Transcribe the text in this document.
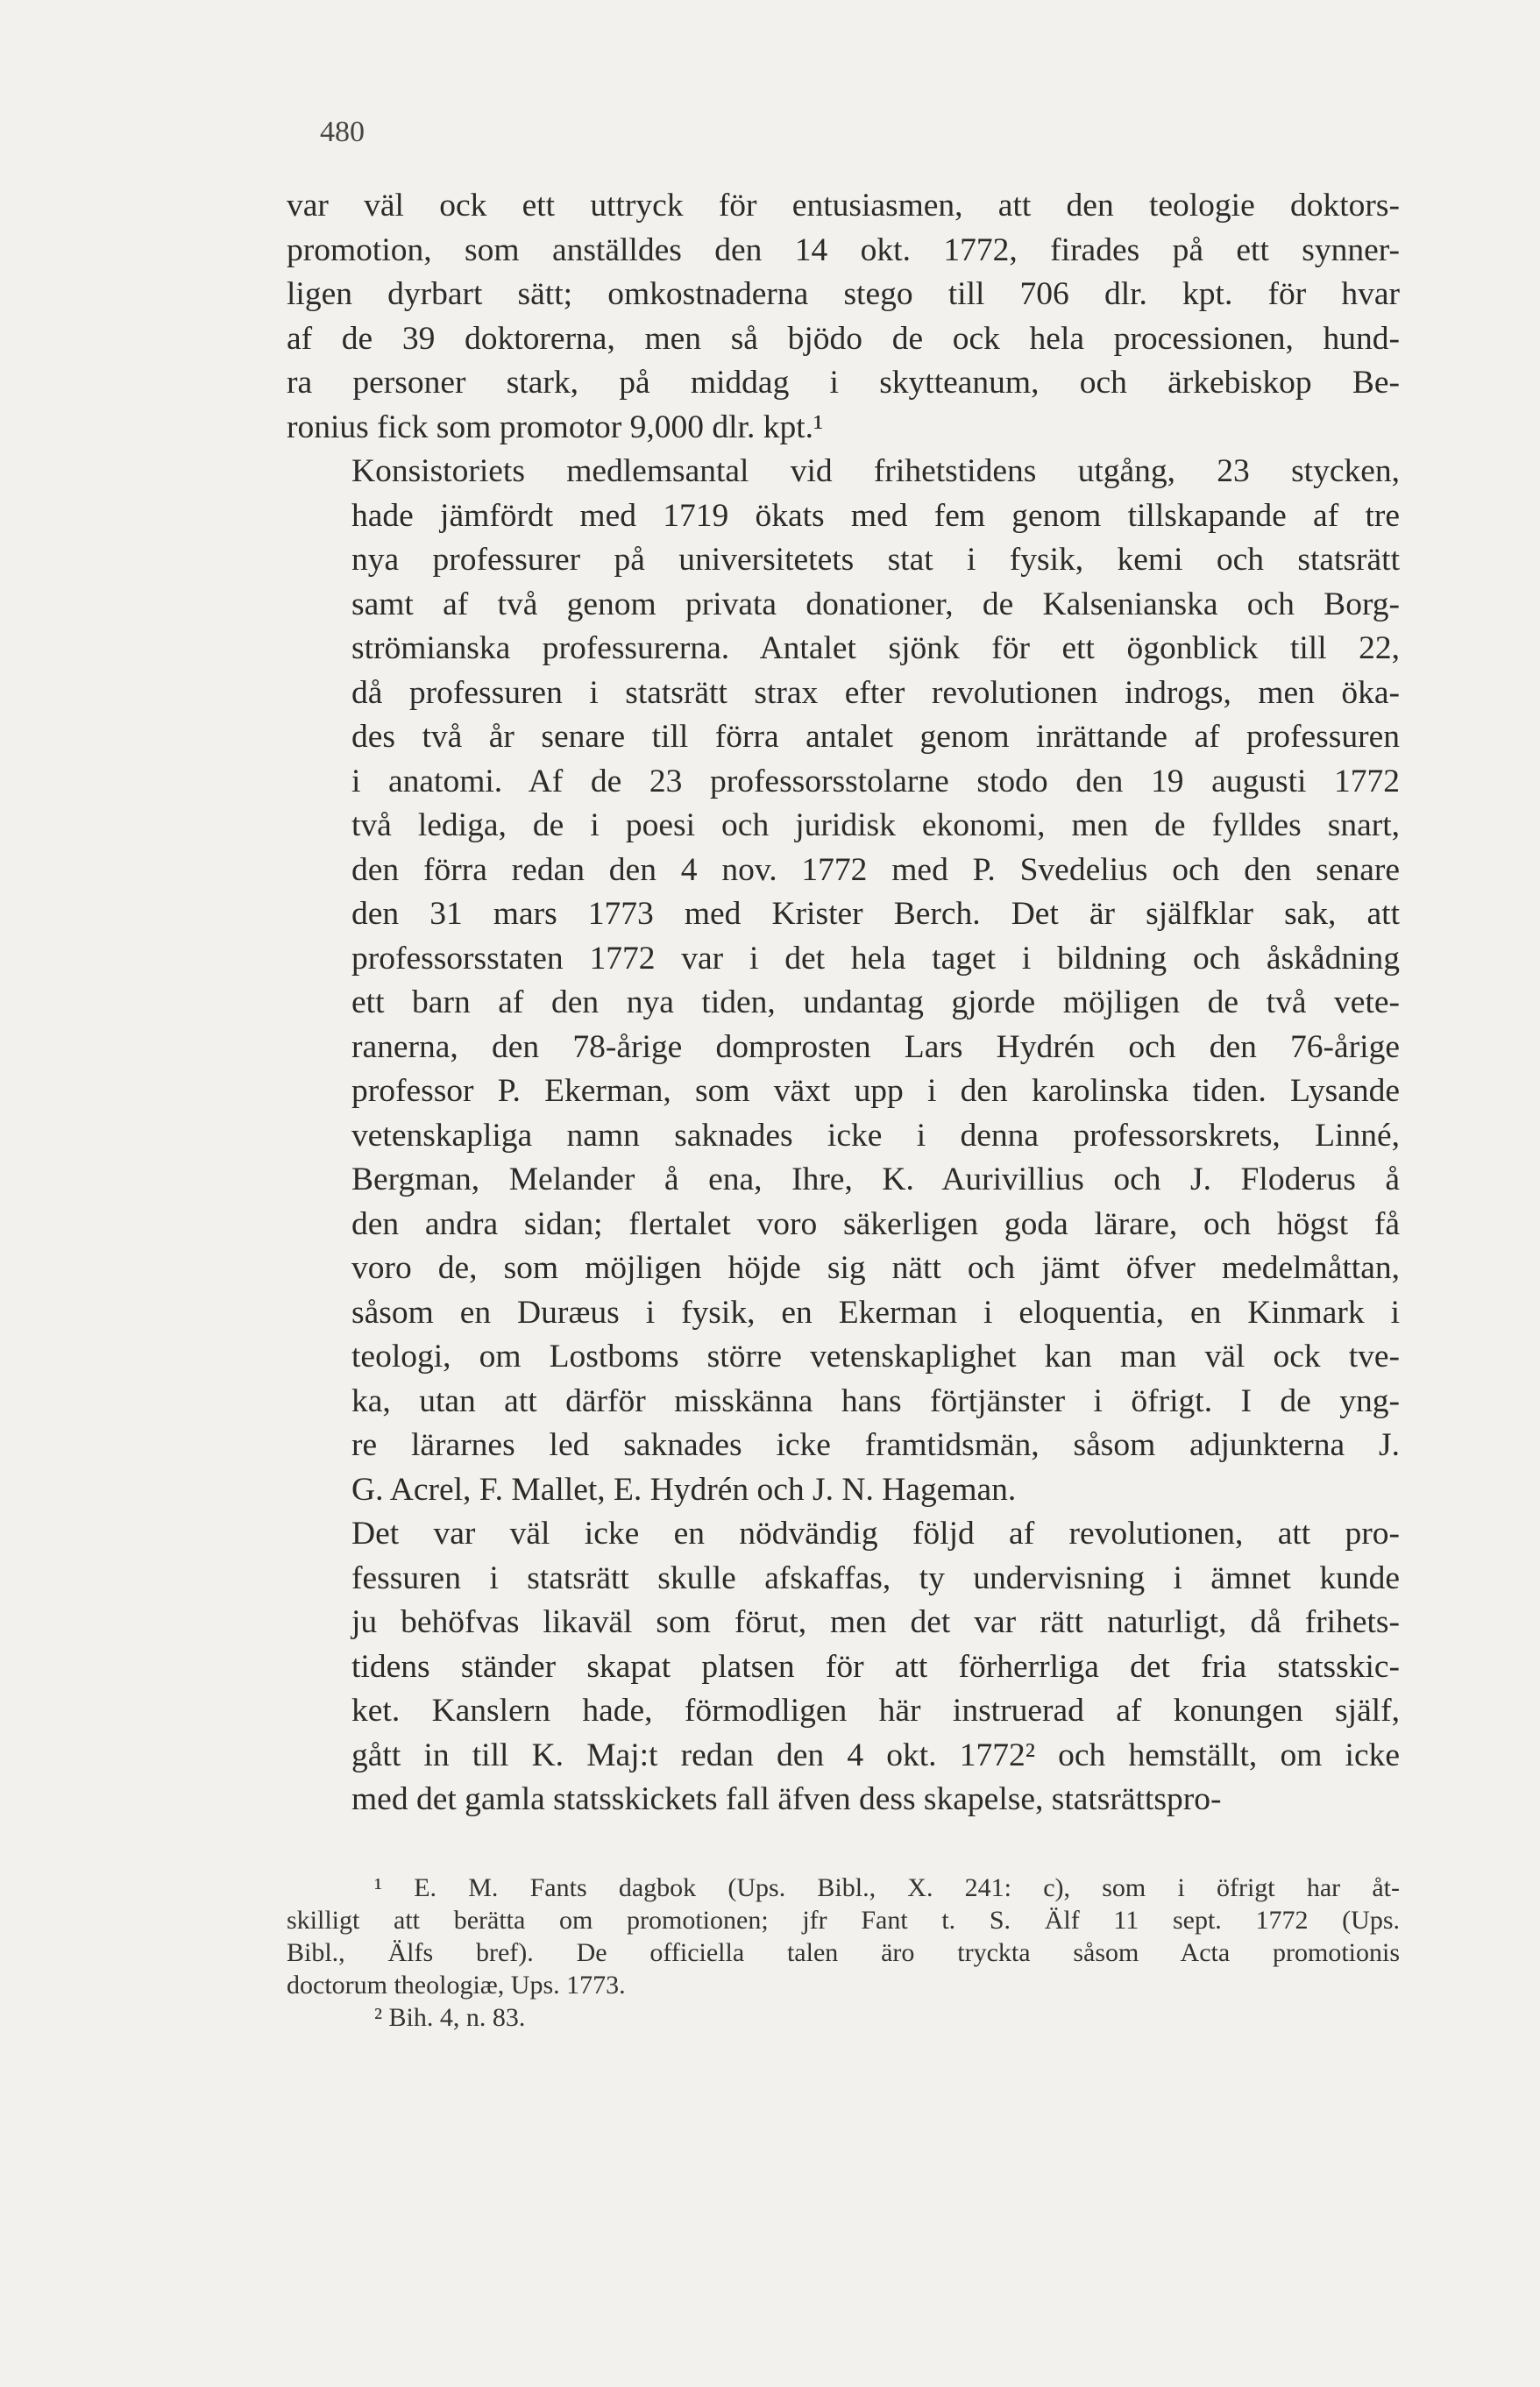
480
var väl ock ett uttryck för entusiasmen, att den teologie doktors-
promotion, som anställdes den 14 okt. 1772, firades på ett synner-
ligen dyrbart sätt; omkostnaderna stego till 706 dlr. kpt. för hvar
af de 39 doktorerna, men så bjödo de ock hela processionen, hund-
ra personer stark, på middag i skytteanum, och ärkebiskop Be-
ronius fick som promotor 9,000 dlr. kpt.¹
Konsistoriets medlemsantal vid frihetstidens utgång, 23 stycken,
hade jämfördt med 1719 ökats med fem genom tillskapande af tre
nya professurer på universitetets stat i fysik, kemi och statsrätt
samt af två genom privata donationer, de Kalsenianska och Borg-
strömianska professurerna. Antalet sjönk för ett ögonblick till 22,
då professuren i statsrätt strax efter revolutionen indrogs, men öka-
des två år senare till förra antalet genom inrättande af professuren
i anatomi. Af de 23 professorsstolarne stodo den 19 augusti 1772
två lediga, de i poesi och juridisk ekonomi, men de fylldes snart,
den förra redan den 4 nov. 1772 med P. Svedelius och den senare
den 31 mars 1773 med Krister Berch. Det är själfklar sak, att
professorsstaten 1772 var i det hela taget i bildning och åskådning
ett barn af den nya tiden, undantag gjorde möjligen de två vete-
ranerna, den 78-årige domprosten Lars Hydrén och den 76-årige
professor P. Ekerman, som växt upp i den karolinska tiden. Lysande
vetenskapliga namn saknades icke i denna professorskrets, Linné,
Bergman, Melander å ena, Ihre, K. Aurivillius och J. Floderus å
den andra sidan; flertalet voro säkerligen goda lärare, och högst få
voro de, som möjligen höjde sig nätt och jämt öfver medelmåttan,
såsom en Duræus i fysik, en Ekerman i eloquentia, en Kinmark i
teologi, om Lostboms större vetenskaplighet kan man väl ock tve-
ka, utan att därför misskänna hans förtjänster i öfrigt. I de yng-
re lärarnes led saknades icke framtidsmän, såsom adjunkterna J.
G. Acrel, F. Mallet, E. Hydrén och J. N. Hageman.
Det var väl icke en nödvändig följd af revolutionen, att pro-
fessuren i statsrätt skulle afskaffas, ty undervisning i ämnet kunde
ju behöfvas likaväl som förut, men det var rätt naturligt, då frihets-
tidens ständer skapat platsen för att förherrliga det fria statsskic-
ket. Kanslern hade, förmodligen här instruerad af konungen själf,
gått in till K. Maj:t redan den 4 okt. 1772² och hemställt, om icke
med det gamla statsskickets fall äfven dess skapelse, statsrättspro-
¹ E. M. Fants dagbok (Ups. Bibl., X. 241: c), som i öfrigt har åt-
skilligt att berätta om promotionen; jfr Fant t. S. Älf 11 sept. 1772 (Ups.
Bibl., Älfs bref). De officiella talen äro tryckta såsom Acta promotionis
doctorum theologiæ, Ups. 1773.
² Bih. 4, n. 83.
